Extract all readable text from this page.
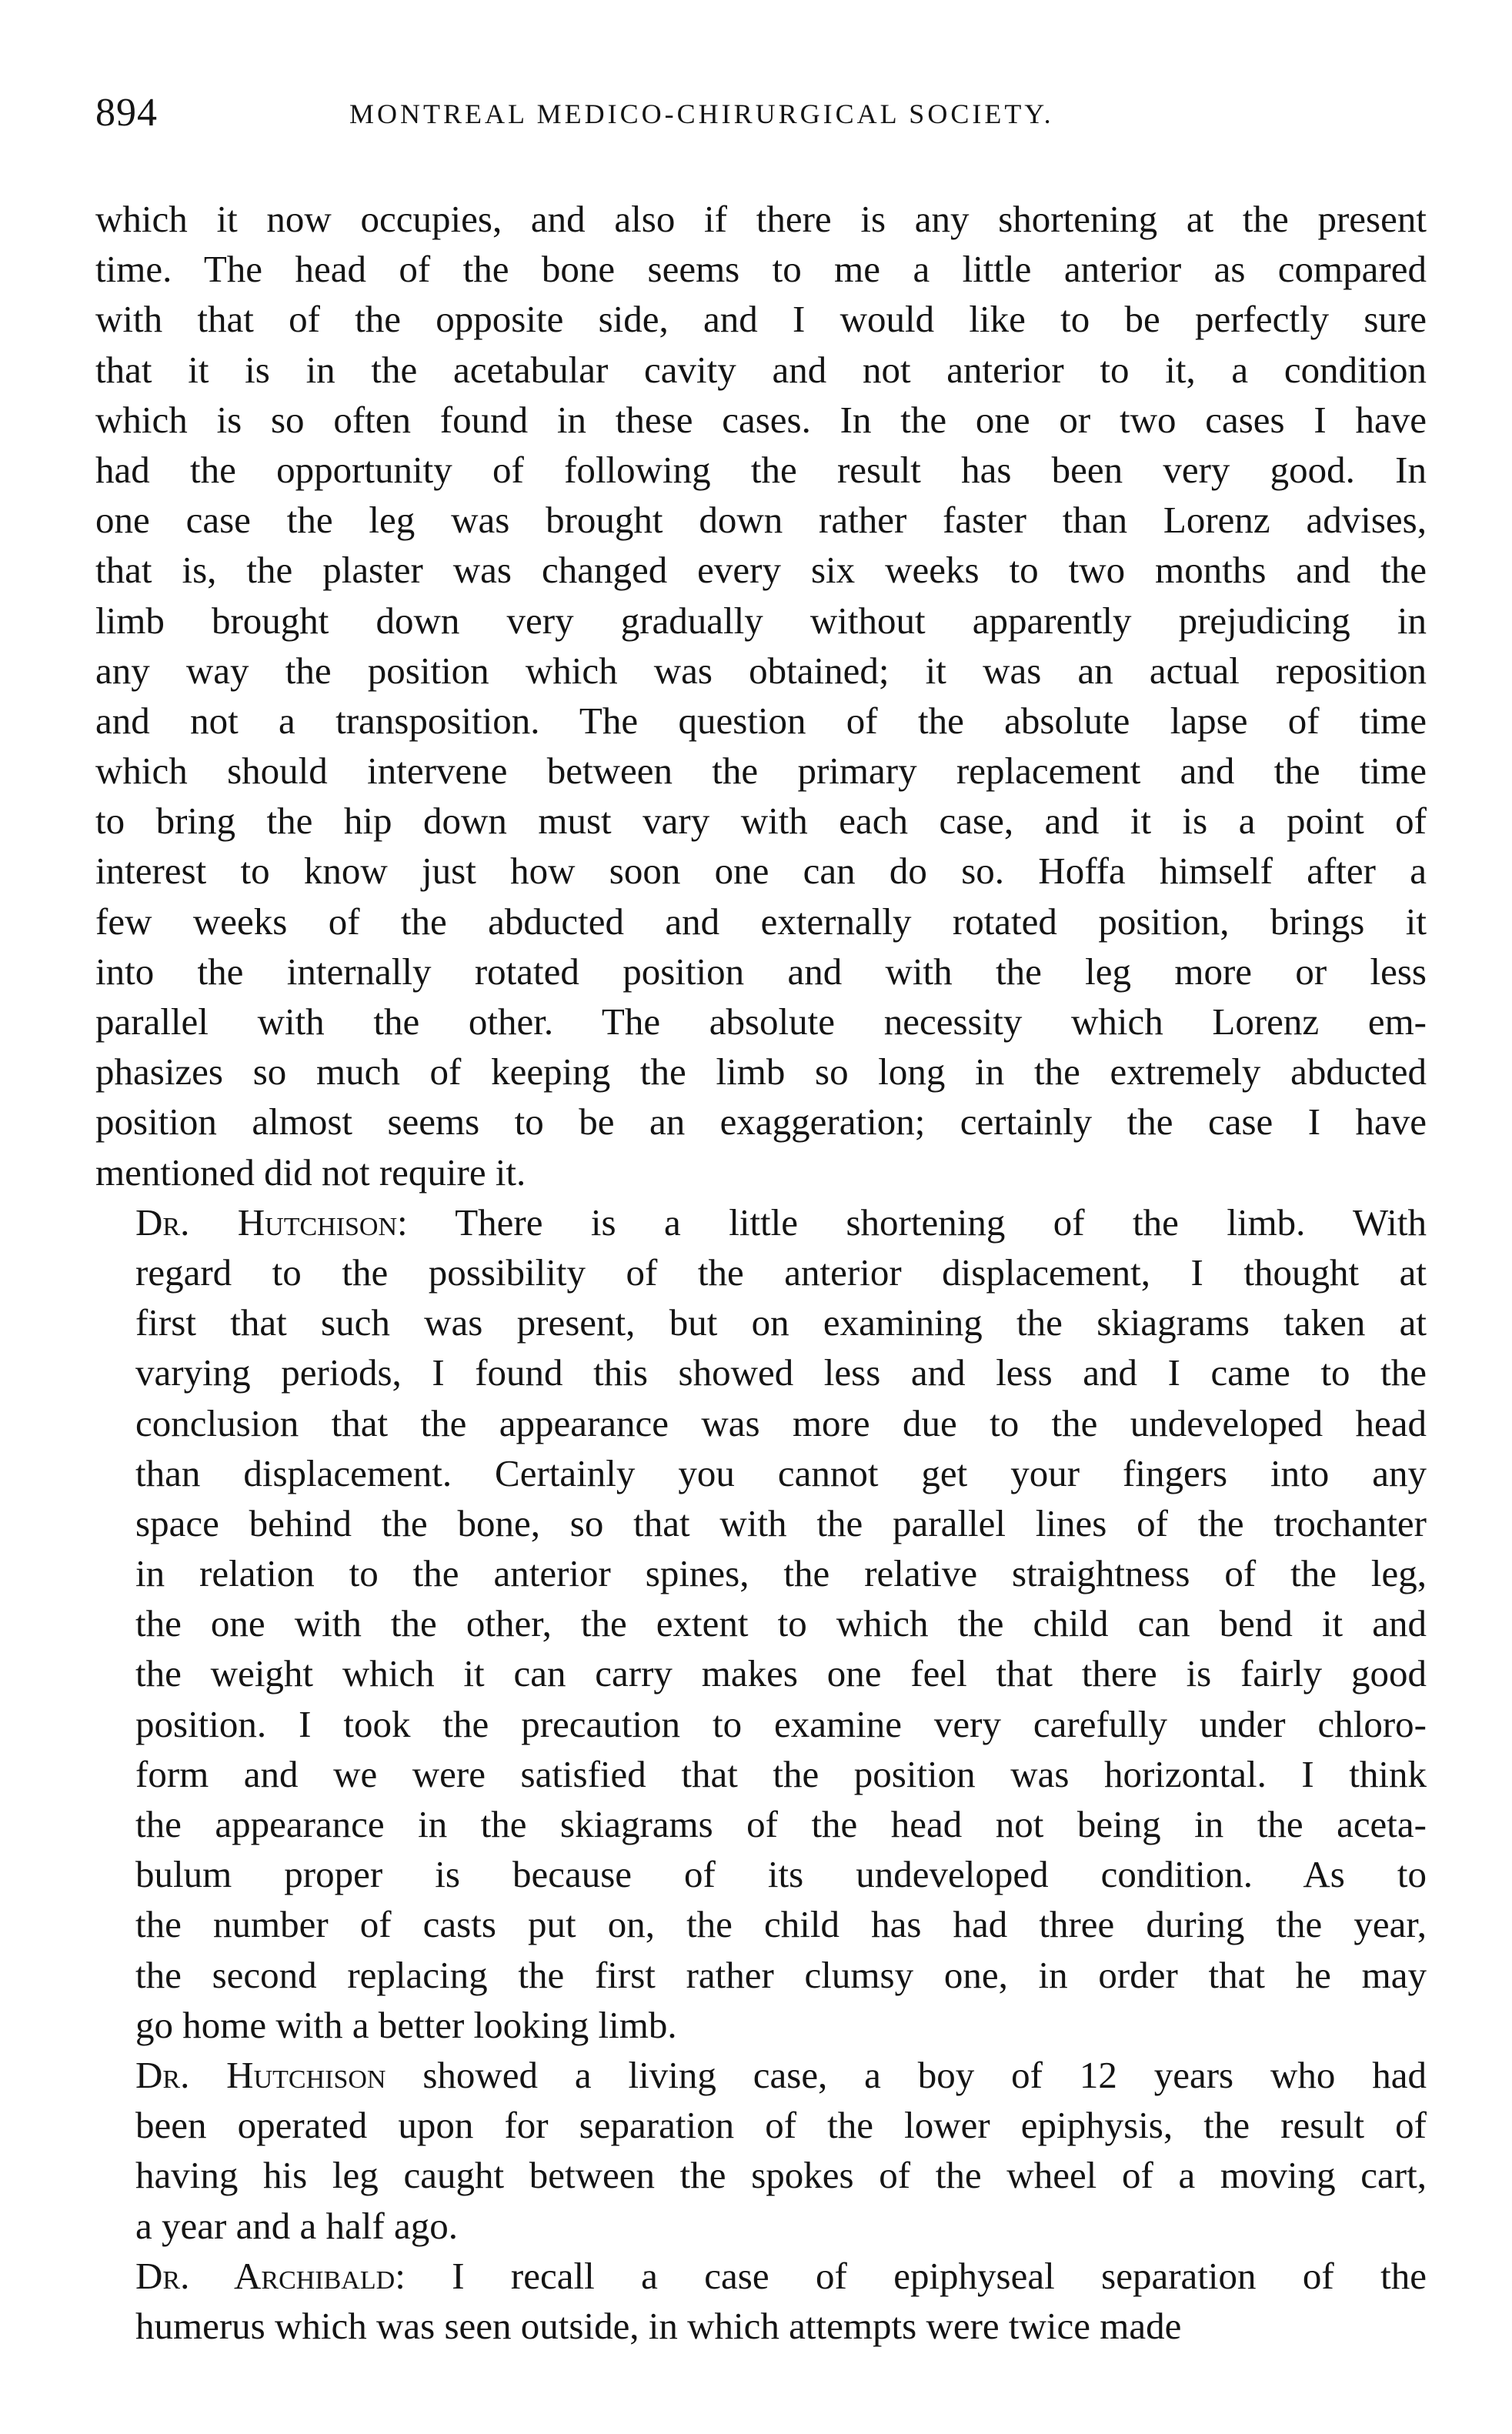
894	MONTREAL MEDICO-CHIRURGICAL SOCIETY.

which it now occupies, and also if there is any shortening at the present
time. The head of the bone seems to me a little anterior as compared
with that of the opposite side, and I would like to be perfectly sure
that it is in the acetabular cavity and not anterior to it, a condition
which is so often found in these cases. In the one or two cases I have
had the opportunity of following the result has been very good. In
one case the leg was brought down rather faster than Lorenz advises,
that is, the plaster was changed every six weeks to two months and the
limb brought down very gradually without apparently prejudicing in
any way the position which was obtained; it was an actual reposition
and not a transposition. The question of the absolute lapse of time
which should intervene between the primary replacement and the time
to bring the hip down must vary with each case, and it is a point of
interest to know just how soon one can do so. Hoffa himself after a
few weeks of the abducted and externally rotated position, brings it
into the internally rotated position and with the leg more or less
parallel with the other. The absolute necessity which Lorenz em-
phasizes so much of keeping the limb so long in the extremely abducted
position almost seems to be an exaggeration; certainly the case I have
mentioned did not require it.

Dr. Hutchison: There is a little shortening of the limb. With
regard to the possibility of the anterior displacement, I thought at
first that such was present, but on examining the skiagrams taken at
varying periods, I found this showed less and less and I came to the
conclusion that the appearance was more due to the undeveloped head
than displacement. Certainly you cannot get your fingers into any
space behind the bone, so that with the parallel lines of the trochanter
in relation to the anterior spines, the relative straightness of the leg,
the one with the other, the extent to which the child can bend it and
the weight which it can carry makes one feel that there is fairly good
position. I took the precaution to examine very carefully under chloro-
form and we were satisfied that the position was horizontal. I think
the appearance in the skiagrams of the head not being in the aceta-
bulum proper is because of its undeveloped condition. As to
the number of casts put on, the child has had three during the year,
the second replacing the first rather clumsy one, in order that he may
go home with a better looking limb.

Dr. Hutchison showed a living case, a boy of 12 years who had
been operated upon for separation of the lower epiphysis, the result of
having his leg caught between the spokes of the wheel of a moving cart,
a year and a half ago.

Dr. Archibald: I recall a case of epiphyseal separation of the
humerus which was seen outside, in which attempts were twice made
